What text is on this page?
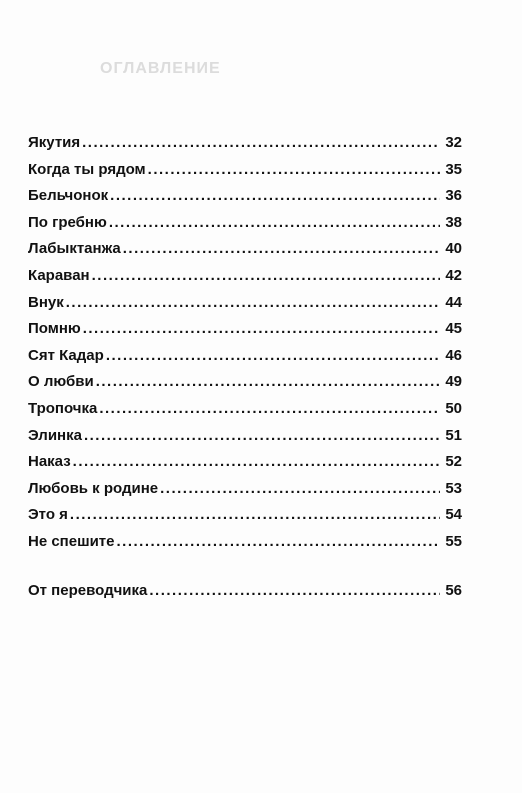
ОГЛАВЛЕНИЕ
Якутия .....	32
Когда ты рядом .....	35
Бельчонок .....	36
По гребню .....	38
Лабыктанжа .....	40
Караван .....	42
Внук .....	44
Помню .....	45
Сят Кадар .....	46
О любви .....	49
Тропочка .....	50
Элинка .....	51
Наказ .....	52
Любовь к родине .....	53
Это я .....	54
Не спешите .....	55
От переводчика .....	56
